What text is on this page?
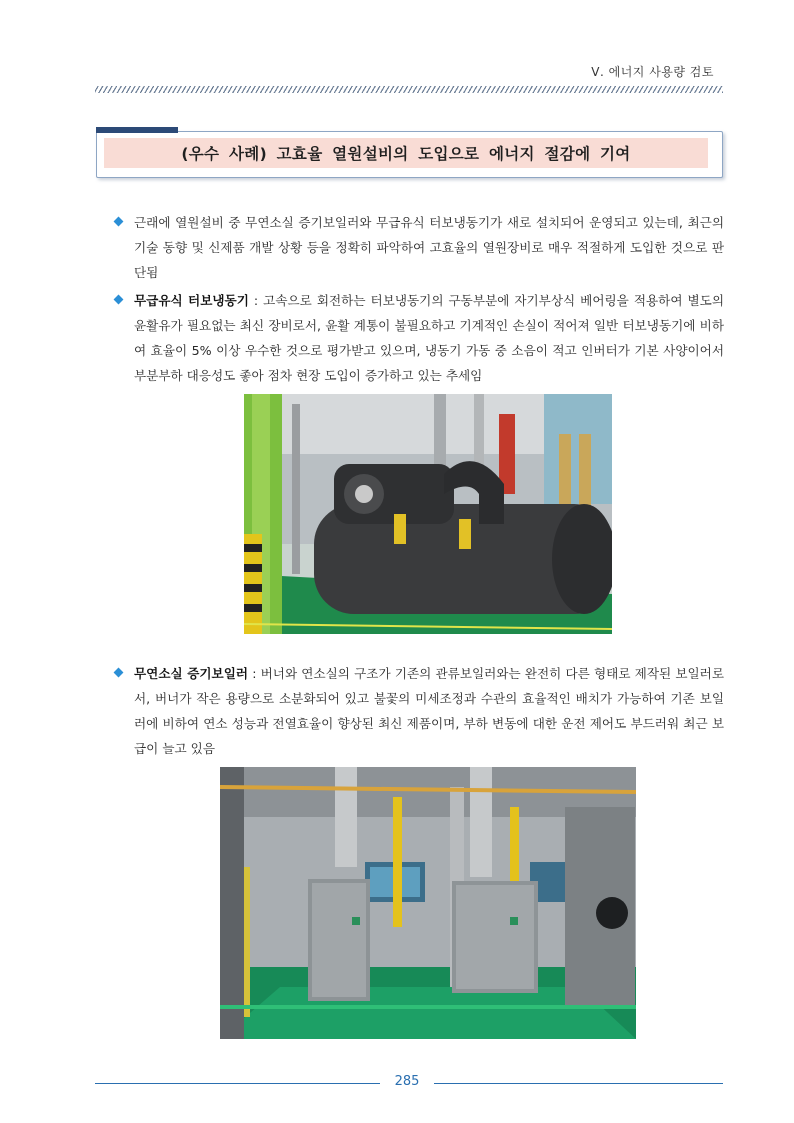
Ⅴ. 에너지 사용량 검토
(우수 사례) 고효율 열원설비의 도입으로 에너지 절감에 기여
근래에 열원설비 중 무연소실 증기보일러와 무급유식 터보냉동기가 새로 설치되어 운영되고 있는데, 최근의 기술 동향 및 신제품 개발 상황 등을 정확히 파악하여 고효율의 열원장비로 매우 적절하게 도입한 것으로 판단됨
무급유식 터보냉동기 : 고속으로 회전하는 터보냉동기의 구동부분에 자기부상식 베어링을 적용하여 별도의 윤활유가 필요없는 최신 장비로서, 윤활 계통이 불필요하고 기계적인 손실이 적어져 일반 터보냉동기에 비하여 효율이 5% 이상 우수한 것으로 평가받고 있으며, 냉동기 가동 중 소음이 적고 인버터가 기본 사양이어서 부분부하 대응성도 좋아 점차 현장 도입이 증가하고 있는 추세임
무연소실 증기보일러 : 버너와 연소실의 구조가 기존의 관류보일러와는 완전히 다른 형태로 제작된 보일러로서, 버너가 작은 용량으로 소분화되어 있고 불꽃의 미세조정과 수관의 효율적인 배치가 가능하여 기존 보일러에 비하여 연소 성능과 전열효율이 향상된 최신 제품이며, 부하 변동에 대한 운전 제어도 부드러워 최근 보급이 늘고 있음
285
